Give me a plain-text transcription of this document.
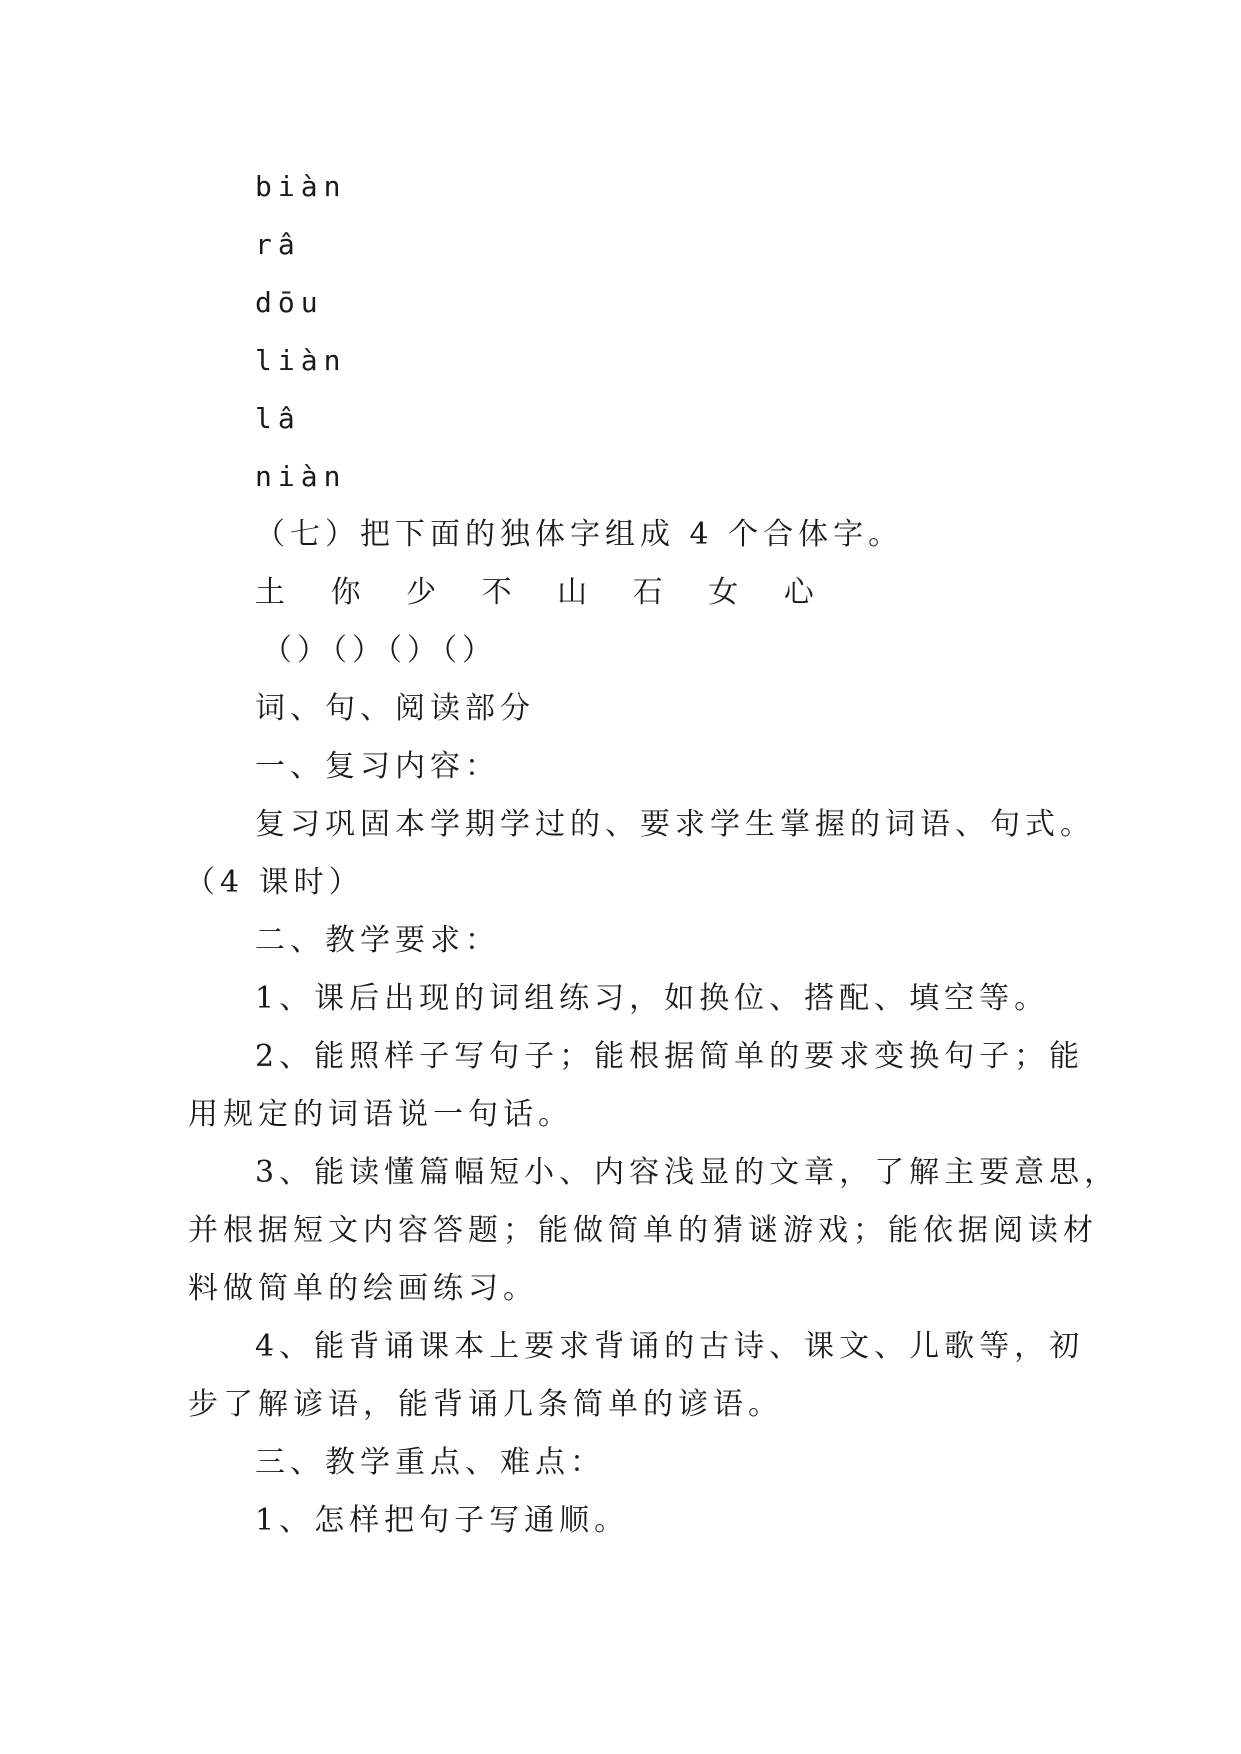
biàn
râ
dōu
liàn
lâ
niàn
（七）把下面的独体字组成 4 个合体字。
土 你 少 不 山 石 女 心
（）（）（）（）
词、句、阅读部分
一、复习内容：
复习巩固本学期学过的、要求学生掌握的词语、句式。
（4 课时）
二、教学要求：
1、课后出现的词组练习，如换位、搭配、填空等。
2、能照样子写句子；能根据简单的要求变换句子；能
用规定的词语说一句话。
3、能读懂篇幅短小、内容浅显的文章，了解主要意思，
并根据短文内容答题；能做简单的猜谜游戏；能依据阅读材
料做简单的绘画练习。
4、能背诵课本上要求背诵的古诗、课文、儿歌等，初
步了解谚语，能背诵几条简单的谚语。
三、教学重点、难点：
1、怎样把句子写通顺。
